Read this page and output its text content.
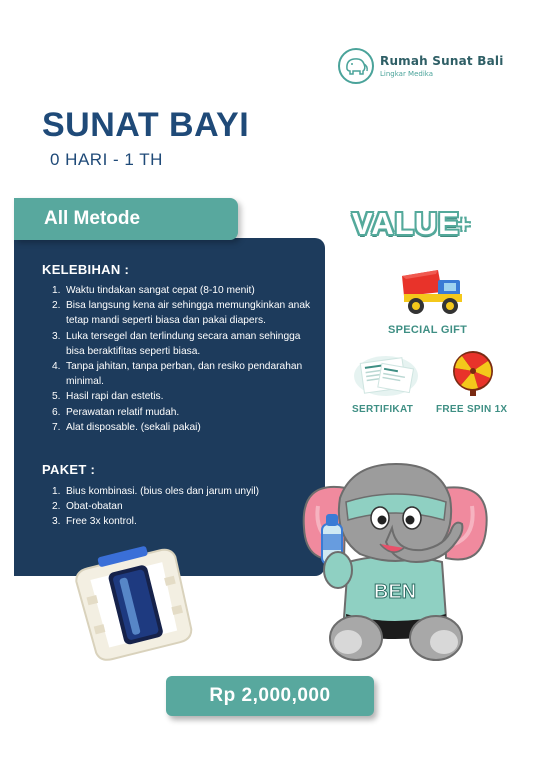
Rumah Sunat Bali
Lingkar Medika
SUNAT BAYI
0 HARI - 1 TH
All Metode
KELEBIHAN :
1. Waktu tindakan sangat cepat (8-10 menit)
2. Bisa langsung kena air sehingga memungkinkan anak tetap mandi seperti biasa dan pakai diapers.
3. Luka tersegel dan terlindung secara aman sehingga bisa beraktifitas seperti biasa.
4. Tanpa jahitan, tanpa perban, dan resiko pendarahan minimal.
5. Hasil rapi dan estetis.
6. Perawatan relatif mudah.
7. Alat disposable. (sekali pakai)
PAKET :
1. Bius kombinasi. (bius oles dan jarum unyil)
2. Obat-obatan
3. Free 3x kontrol.
VALUE
+
SPECIAL GIFT
SERTIFIKAT FREE SPIN 1X
BEN
Rp 2,000,000
